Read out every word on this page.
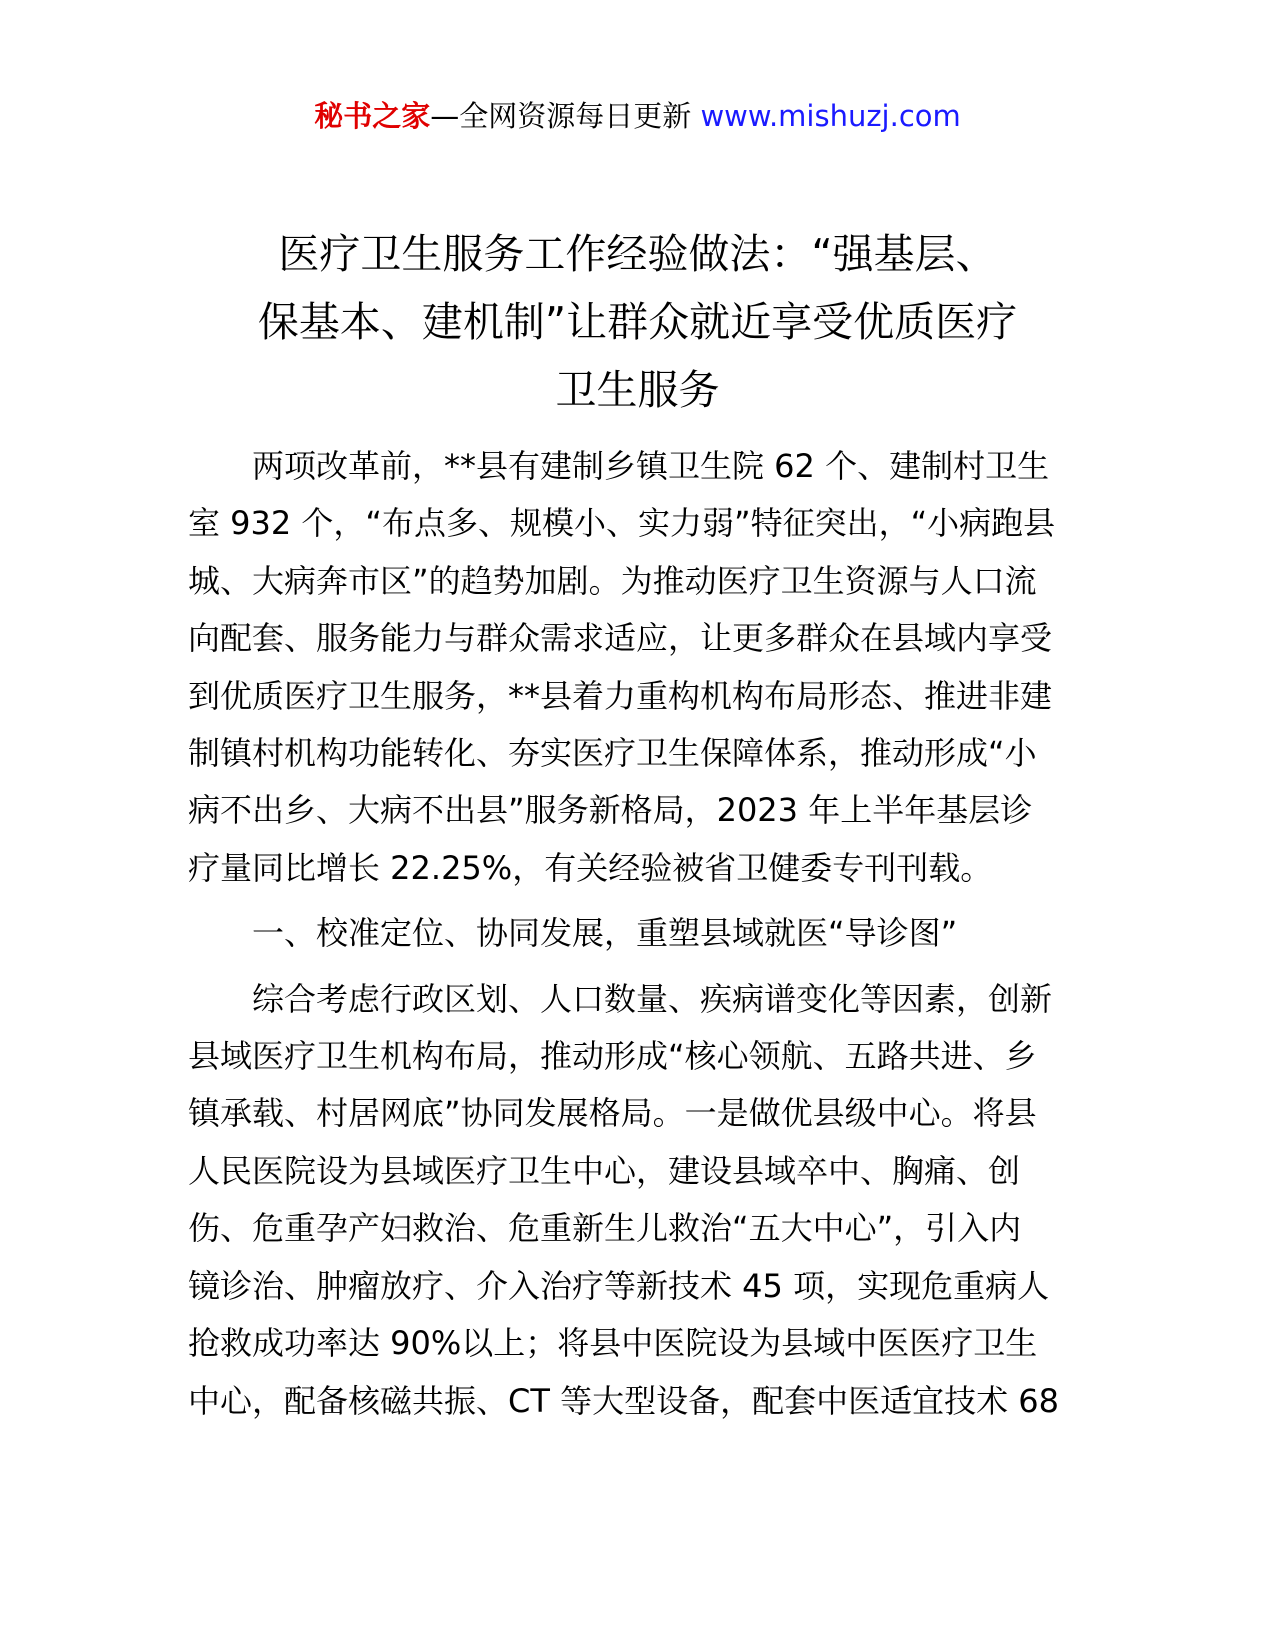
秘书之家—全网资源每日更新 www.mishuzj.com
医疗卫生服务工作经验做法：“强基层、
保基本、建机制”让群众就近享受优质医疗
卫生服务

两项改革前，**县有建制乡镇卫生院 62 个、建制村卫生
室 932 个，“布点多、规模小、实力弱”特征突出，“小病跑县
城、大病奔市区”的趋势加剧。为推动医疗卫生资源与人口流
向配套、服务能力与群众需求适应，让更多群众在县域内享受
到优质医疗卫生服务，**县着力重构机构布局形态、推进非建
制镇村机构功能转化、夯实医疗卫生保障体系，推动形成“小
病不出乡、大病不出县”服务新格局，2023 年上半年基层诊
疗量同比增长 22.25%，有关经验被省卫健委专刊刊载。

一、校准定位、协同发展，重塑县域就医“导诊图”

综合考虑行政区划、人口数量、疾病谱变化等因素，创新
县域医疗卫生机构布局，推动形成“核心领航、五路共进、乡
镇承载、村居网底”协同发展格局。一是做优县级中心。将县
人民医院设为县域医疗卫生中心，建设县域卒中、胸痛、创
伤、危重孕产妇救治、危重新生儿救治“五大中心”，引入内
镜诊治、肿瘤放疗、介入治疗等新技术 45 项，实现危重病人
抢救成功率达 90%以上；将县中医院设为县域中医医疗卫生
中心，配备核磁共振、CT 等大型设备，配套中医适宜技术 68
